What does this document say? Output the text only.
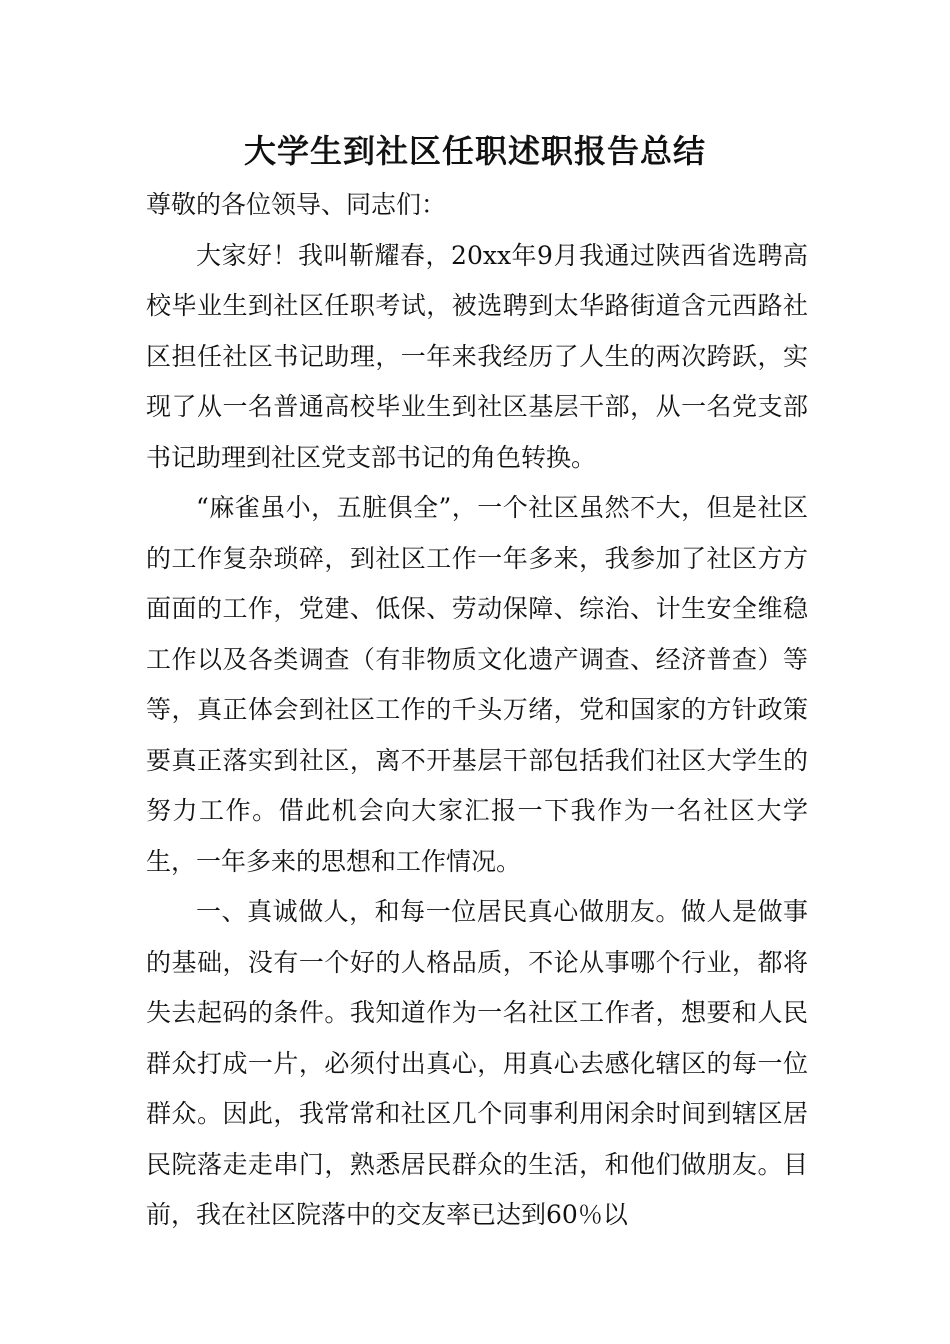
大学生到社区任职述职报告总结

尊敬的各位领导、同志们：

大家好！我叫靳耀春，20xx年9月我通过陕西省选聘高校毕业生到社区任职考试，被选聘到太华路街道含元西路社区担任社区书记助理，一年来我经历了人生的两次跨跃，实现了从一名普通高校毕业生到社区基层干部，从一名党支部书记助理到社区党支部书记的角色转换。

“麻雀虽小，五脏俱全”，一个社区虽然不大，但是社区的工作复杂琐碎，到社区工作一年多来，我参加了社区方方面面的工作，党建、低保、劳动保障、综治、计生安全维稳工作以及各类调查（有非物质文化遗产调查、经济普查）等等，真正体会到社区工作的千头万绪，党和国家的方针政策要真正落实到社区，离不开基层干部包括我们社区大学生的努力工作。借此机会向大家汇报一下我作为一名社区大学生，一年多来的思想和工作情况。

一、真诚做人，和每一位居民真心做朋友。做人是做事的基础，没有一个好的人格品质，不论从事哪个行业，都将失去起码的条件。我知道作为一名社区工作者，想要和人民群众打成一片，必须付出真心，用真心去感化辖区的每一位群众。因此，我常常和社区几个同事利用闲余时间到辖区居民院落走走串门，熟悉居民群众的生活，和他们做朋友。目前，我在社区院落中的交友率已达到60％以
